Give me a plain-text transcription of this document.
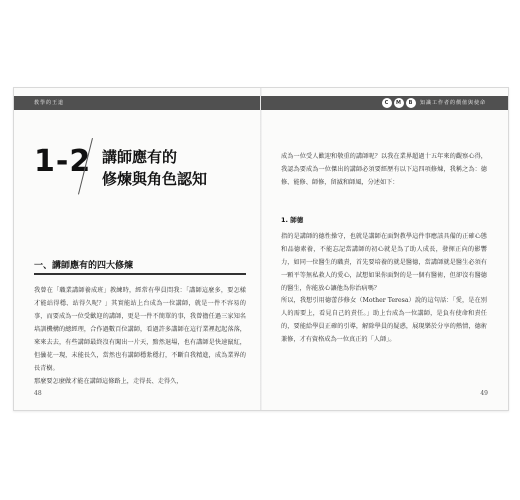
教學的王道
1-2 講師應有的
修煉與角色認知
一、講師應有的四大修煉

我曾在「職業講師養成班」教練時，經常有學員問我：「講師這麼多，要怎樣才能站得穩、站得久呢？」其實能站上台成為一位講師，就是一件不容易的事，而要成為一位受歡迎的講師，更是一件不簡單的事，我曾擔任過三家知名培訓機構的總經理，合作過數百位講師，看過許多講師在這行業裡起起落落，來來去去，有些講師最終沒有闖出一片天，黯然退場，也有講師是快速竄紅，但曇花一現，未能長久，當然也有講師穩紮穩打，不斷自我精進，成為業界的長青樹。
那麼要怎麼做才能在講師這條路上，走得長、走得久，

48
C	M	B	知識工作者的價值與使命

成為一位受人歡迎和敬重的講師呢？以我在業界超過十五年來的觀察心得，我認為要成為一位傑出的講師必須要經歷有以下這四項修煉，我稱之為：德修、能修、師修，留滅和師風，分述如下：

1. 師德

指的是講師的德性操守，也就是講師在面對教學這件事應該具備的正確心態和品德素養，不能忘記當講師的初心就是為了助人成長，發揮正向的影響力，如同一位醫生的職責，首先要培養的就是醫德，當講師就是醫生必須有一顆平等無私救人的愛心，試想如果你面對的是一個有醫術，但卻沒有醫德的醫生，你能放心讓他為你治病嗎？

所以，我想引用德蕾莎修女（Mother Teresa）說的這句話：「愛，是在別人的需要上，看見自己的責任。」助上台成為一位講師，是負有使命和責任的，要能給學員正確的引導，解除學員的疑惑，展現樂於分享的熱情，德術兼修，才有資格成為一位真正的「人師」。

49
